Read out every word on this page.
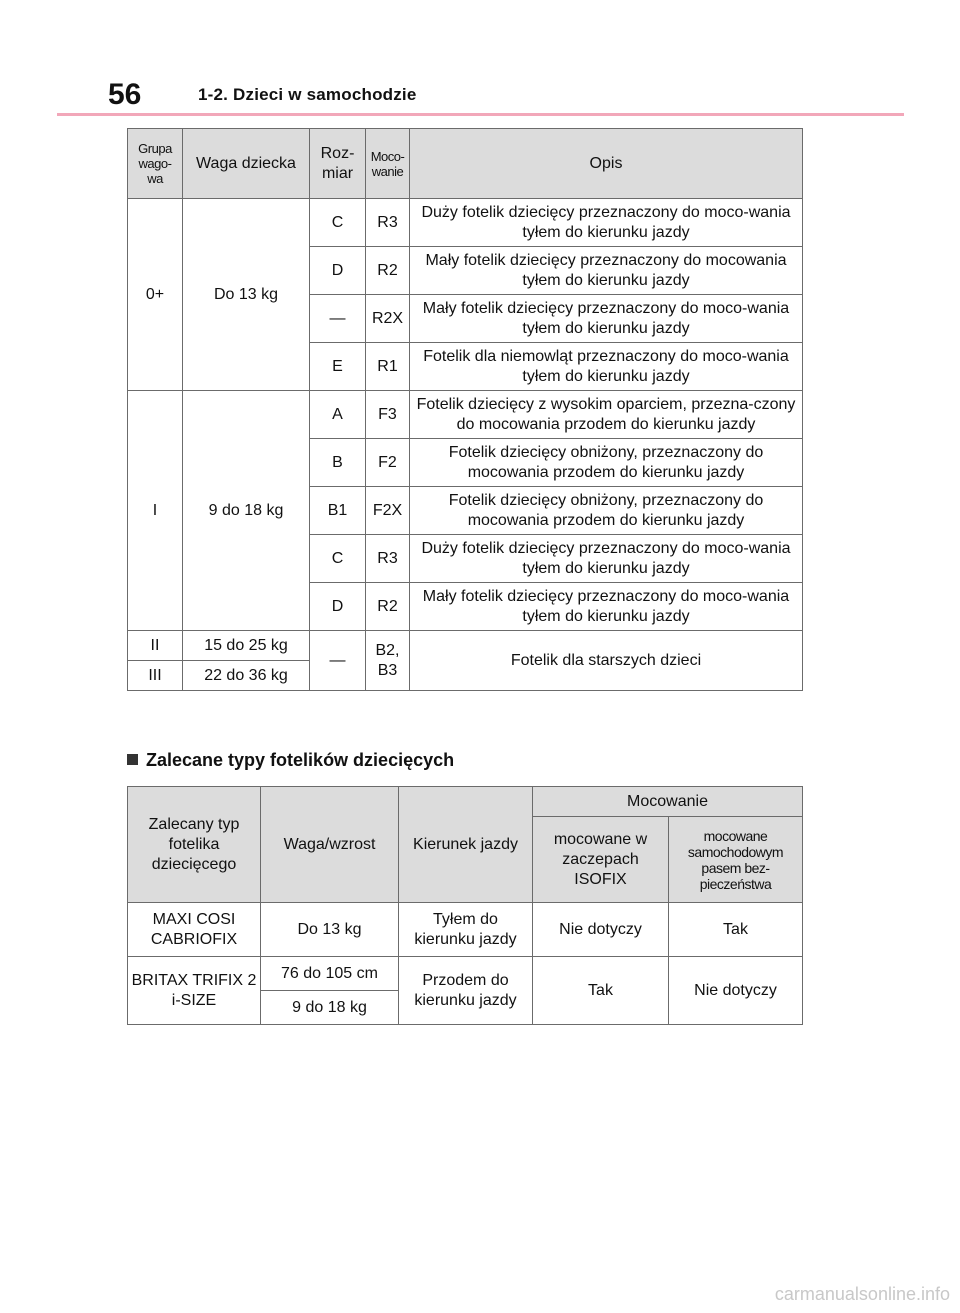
56	1-2. Dzieci w samochodzie
Grupa wago-wa	Waga dziecka	Roz-miar	Moco-wanie	Opis
0+	Do 13 kg	C	R3	Duży fotelik dziecięcy przeznaczony do moco-wania tyłem do kierunku jazdy
		D	R2	Mały fotelik dziecięcy przeznaczony do mocowania tyłem do kierunku jazdy
		—	R2X	Mały fotelik dziecięcy przeznaczony do moco-wania tyłem do kierunku jazdy
		E	R1	Fotelik dla niemowląt przeznaczony do moco-wania tyłem do kierunku jazdy
I	9 do 18 kg	A	F3	Fotelik dziecięcy z wysokim oparciem, przezna-czony do mocowania przodem do kierunku jazdy
		B	F2	Fotelik dziecięcy obniżony, przeznaczony do mocowania przodem do kierunku jazdy
		B1	F2X	Fotelik dziecięcy obniżony, przeznaczony do mocowania przodem do kierunku jazdy
		C	R3	Duży fotelik dziecięcy przeznaczony do moco-wania tyłem do kierunku jazdy
		D	R2	Mały fotelik dziecięcy przeznaczony do moco-wania tyłem do kierunku jazdy
II	15 do 25 kg	—	B2, B3	Fotelik dla starszych dzieci
III	22 do 36 kg			
Zalecane typy fotelików dziecięcych
Zalecany typ fotelika dziecięcego	Waga/wzrost	Kierunek jazdy	Mocowanie	
			mocowane w zaczepach ISOFIX	mocowane samochodowym pasem bez-pieczeństwa
MAXI COSI CABRIOFIX	Do 13 kg	Tyłem do kierunku jazdy	Nie dotyczy	Tak
BRITAX TRIFIX 2 i-SIZE	76 do 105 cm	Przodem do kierunku jazdy	Tak	Nie dotyczy
	9 do 18 kg			
carmanualsonline.info
